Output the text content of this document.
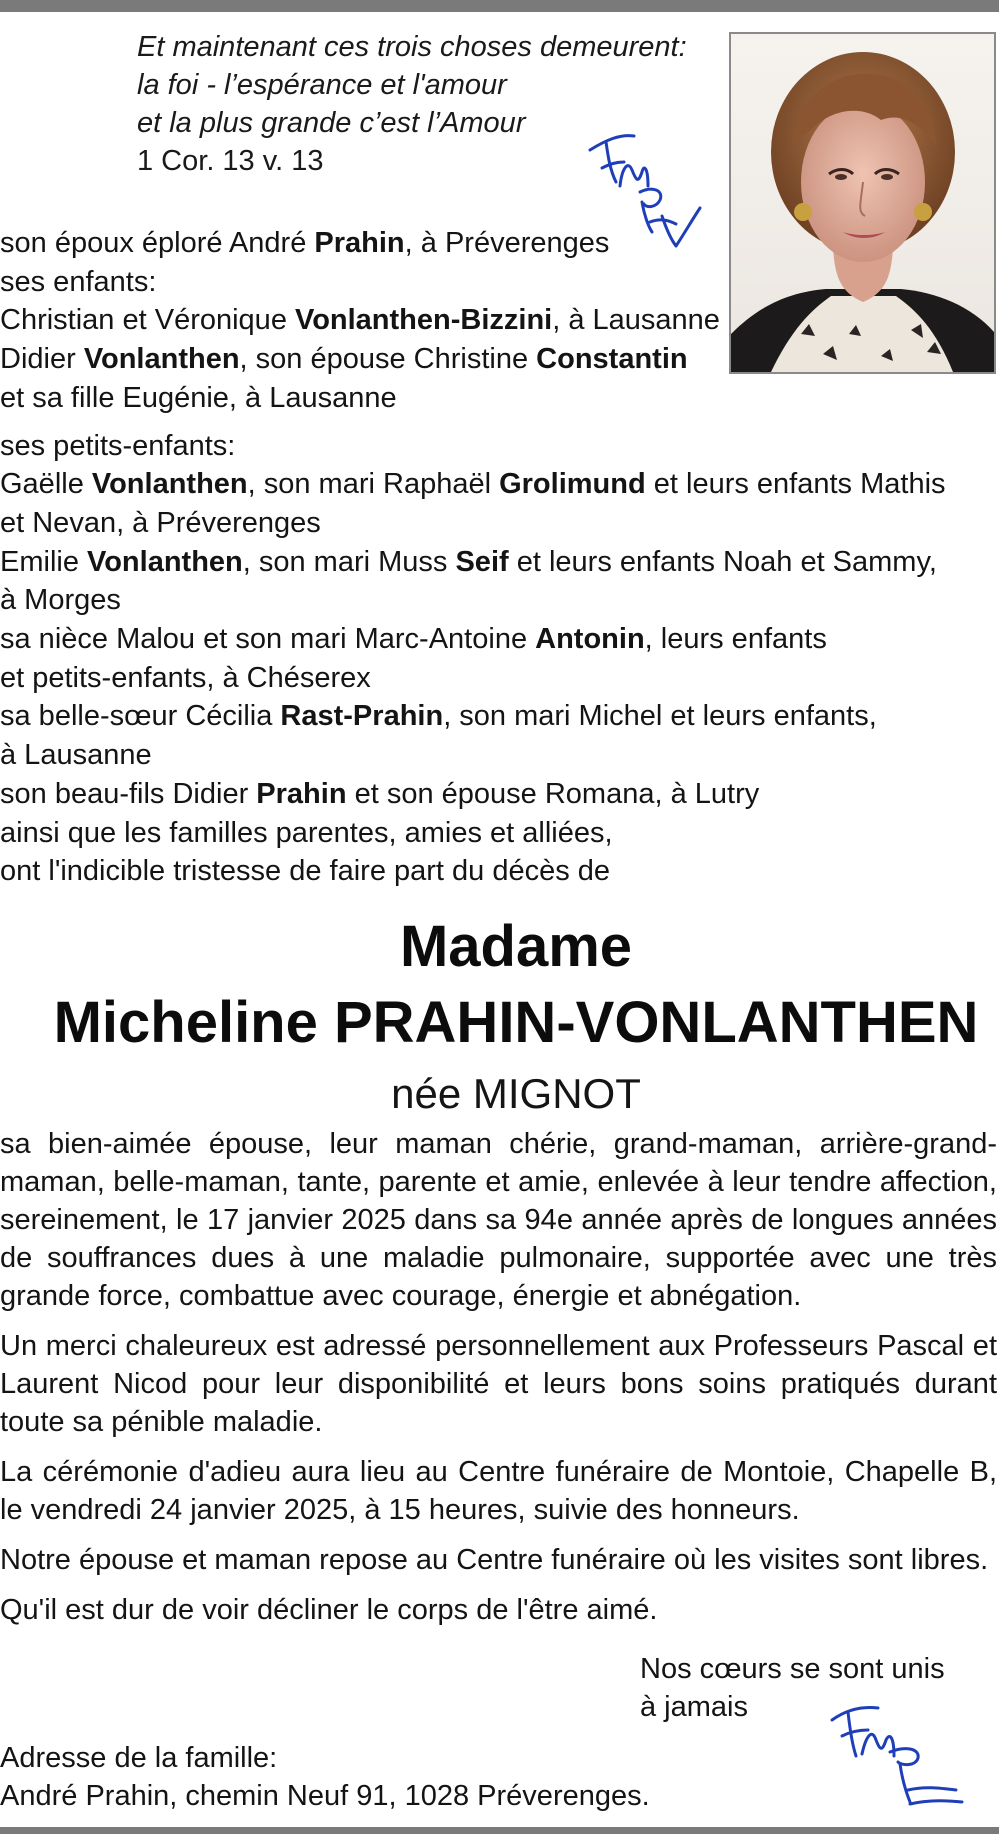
Et maintenant ces trois choses demeurent:
la foi - l’espérance et l'amour
et la plus grande c’est l’Amour
1 Cor. 13 v. 13
son époux éploré André Prahin, à Préverenges
ses enfants:
Christian et Véronique Vonlanthen-Bizzini, à Lausanne
Didier Vonlanthen, son épouse Christine Constantin
et sa fille Eugénie, à Lausanne
ses petits-enfants:
Gaëlle Vonlanthen, son mari Raphaël Grolimund et leurs enfants Mathis
et Nevan, à Préverenges
Emilie Vonlanthen, son mari Muss Seif et leurs enfants Noah et Sammy,
à Morges
sa nièce Malou et son mari Marc-Antoine Antonin, leurs enfants
et petits-enfants, à Chéserex
sa belle-sœur Cécilia Rast-Prahin, son mari Michel et leurs enfants,
à Lausanne
son beau-fils Didier Prahin et son épouse Romana, à Lutry
ainsi que les familles parentes, amies et alliées,
ont l'indicible tristesse de faire part du décès de
Madame
Micheline PRAHIN-VONLANTHEN
née MIGNOT

sa bien-aimée épouse, leur maman chérie, grand-maman, arrière-grand-maman, belle-maman, tante, parente et amie, enlevée à leur tendre affection, sereinement, le 17 janvier 2025 dans sa 94e année après de longues années de souffrances dues à une maladie pulmonaire, supportée avec une très grande force, combattue avec courage, énergie et abnégation.

Un merci chaleureux est adressé personnellement aux Professeurs Pascal et Laurent Nicod pour leur disponibilité et leurs bons soins pratiqués durant toute sa pénible maladie.

La cérémonie d'adieu aura lieu au Centre funéraire de Montoie, Chapelle B, le vendredi 24 janvier 2025, à 15 heures, suivie des honneurs.

Notre épouse et maman repose au Centre funéraire où les visites sont libres.

Qu'il est dur de voir décliner le corps de l'être aimé.

Nos cœurs se sont unis
à jamais
Adresse de la famille:
André Prahin, chemin Neuf 91, 1028 Préverenges.
